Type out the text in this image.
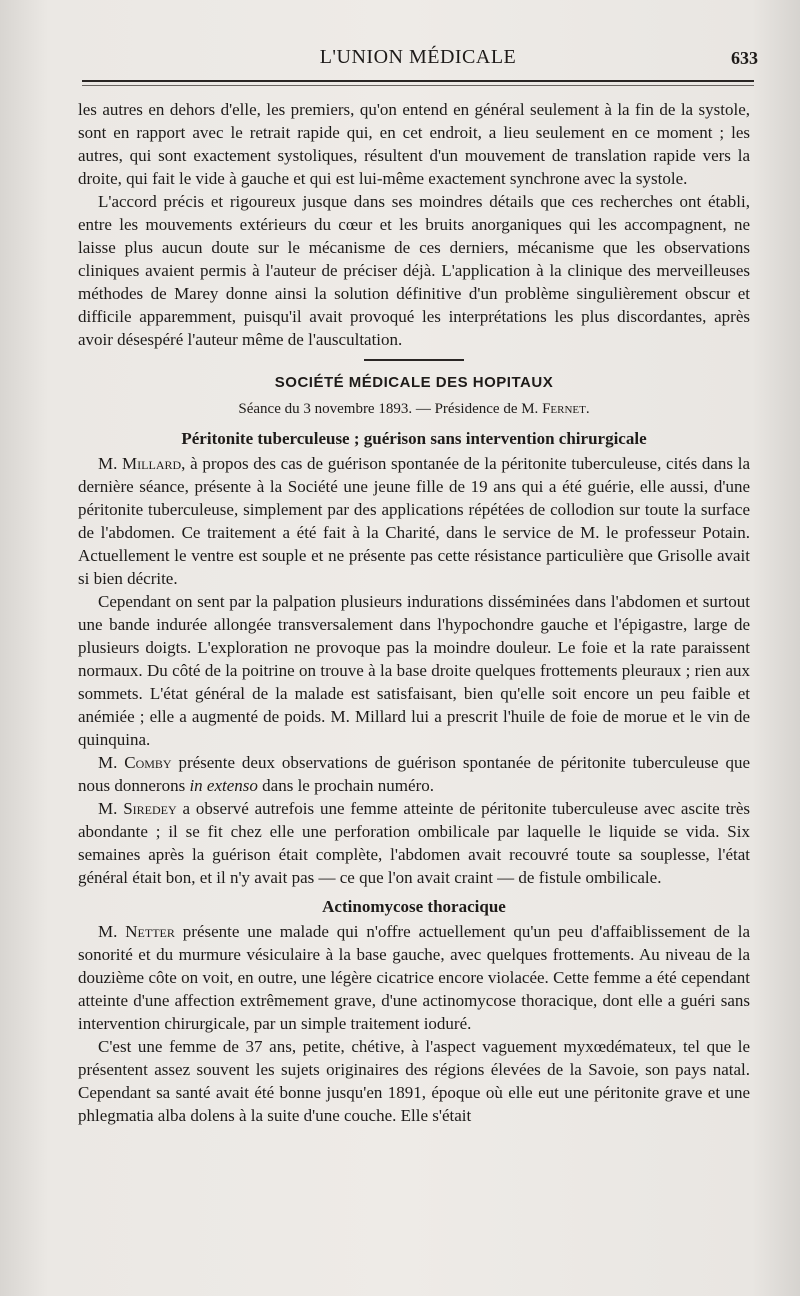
L'UNION MÉDICALE	633

les autres en dehors d'elle, les premiers, qu'on entend en général seulement à la fin de la systole, sont en rapport avec le retrait rapide qui, en cet endroit, a lieu seulement en ce moment ; les autres, qui sont exactement systoliques, résultent d'un mouvement de translation rapide vers la droite, qui fait le vide à gauche et qui est lui-même exactement synchrone avec la systole.

L'accord précis et rigoureux jusque dans ses moindres détails que ces recherches ont établi, entre les mouvements extérieurs du cœur et les bruits anorganiques qui les accompagnent, ne laisse plus aucun doute sur le mécanisme de ces derniers, mécanisme que les observations cliniques avaient permis à l'auteur de préciser déjà. L'application à la clinique des merveilleuses méthodes de Marey donne ainsi la solution définitive d'un problème singulièrement obscur et difficile apparemment, puisqu'il avait provoqué les interprétations les plus discordantes, après avoir désespéré l'auteur même de l'auscultation.

SOCIÉTÉ MÉDICALE DES HOPITAUX
Séance du 3 novembre 1893. — Présidence de M. Fernet.
Péritonite tuberculeuse ; guérison sans intervention chirurgicale

M. Millard, à propos des cas de guérison spontanée de la péritonite tuberculeuse, cités dans la dernière séance, présente à la Société une jeune fille de 19 ans qui a été guérie, elle aussi, d'une péritonite tuberculeuse, simplement par des applications répétées de collodion sur toute la surface de l'abdomen. Ce traitement a été fait à la Charité, dans le service de M. le professeur Potain. Actuellement le ventre est souple et ne présente pas cette résistance particulière que Grisolle avait si bien décrite.

Cependant on sent par la palpation plusieurs indurations disséminées dans l'abdomen et surtout une bande indurée allongée transversalement dans l'hypochondre gauche et l'épigastre, large de plusieurs doigts. L'exploration ne provoque pas la moindre douleur. Le foie et la rate paraissent normaux. Du côté de la poitrine on trouve à la base droite quelques frottements pleuraux ; rien aux sommets. L'état général de la malade est satisfaisant, bien qu'elle soit encore un peu faible et anémiée ; elle a augmenté de poids. M. Millard lui a prescrit l'huile de foie de morue et le vin de quinquina.

M. Comby présente deux observations de guérison spontanée de péritonite tuberculeuse que nous donnerons in extenso dans le prochain numéro.

M. Siredey a observé autrefois une femme atteinte de péritonite tuberculeuse avec ascite très abondante ; il se fit chez elle une perforation ombilicale par laquelle le liquide se vida. Six semaines après la guérison était complète, l'abdomen avait recouvré toute sa souplesse, l'état général était bon, et il n'y avait pas — ce que l'on avait craint — de fistule ombilicale.

Actinomycose thoracique

M. Netter présente une malade qui n'offre actuellement qu'un peu d'affaiblissement de la sonorité et du murmure vésiculaire à la base gauche, avec quelques frottements. Au niveau de la douzième côte on voit, en outre, une légère cicatrice encore violacée. Cette femme a été cependant atteinte d'une affection extrêmement grave, d'une actinomycose thoracique, dont elle a guéri sans intervention chirurgicale, par un simple traitement ioduré.

C'est une femme de 37 ans, petite, chétive, à l'aspect vaguement myxœdémateux, tel que le présentent assez souvent les sujets originaires des régions élevées de la Savoie, son pays natal. Cependant sa santé avait été bonne jusqu'en 1891, époque où elle eut une péritonite grave et une phlegmatia alba dolens à la suite d'une couche. Elle s'était
